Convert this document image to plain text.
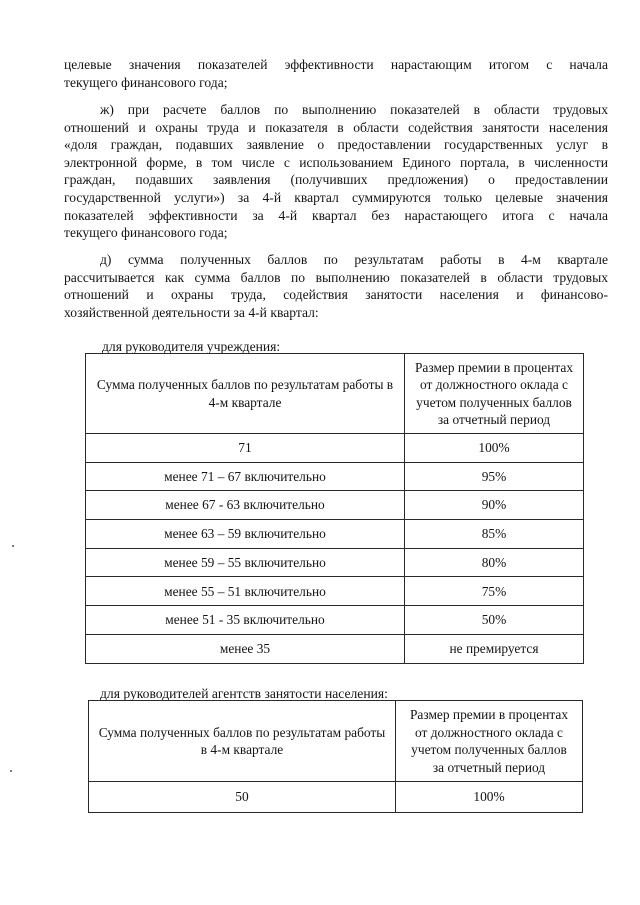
целевые значения показателей эффективности нарастающим итогом с начала
текущего финансового года;
ж) при расчете баллов по выполнению показателей в области трудовых
отношений и охраны труда и показателя в области содействия занятости населения
«доля граждан, подавших заявление о предоставлении государственных услуг в
электронной форме, в том числе с использованием Единого портала, в численности
граждан, подавших заявления (получивших предложения) о предоставлении
государственной услуги») за 4-й квартал суммируются только целевые значения
показателей эффективности за 4-й квартал без нарастающего итога с начала
текущего финансового года;
д) сумма полученных баллов по результатам работы в 4-м квартале
рассчитывается как сумма баллов по выполнению показателей в области трудовых
отношений и охраны труда, содействия занятости населения и финансово-
хозяйственной деятельности за 4-й квартал:

для руководителя учреждения:

Сумма полученных баллов по результатам работы в 4-м квартале	Размер премии в процентах от должностного оклада с учетом полученных баллов за отчетный период
71	100%
менее 71 – 67 включительно	95%
менее 67 - 63 включительно	90%
менее 63 – 59 включительно	85%
менее 59 – 55 включительно	80%
менее 55 – 51 включительно	75%
менее 51 - 35 включительно	50%
менее 35	не премируется

для руководителей агентств занятости населения:

Сумма полученных баллов по результатам работы в 4-м квартале	Размер премии в процентах от должностного оклада с учетом полученных баллов за отчетный период
50	100%
